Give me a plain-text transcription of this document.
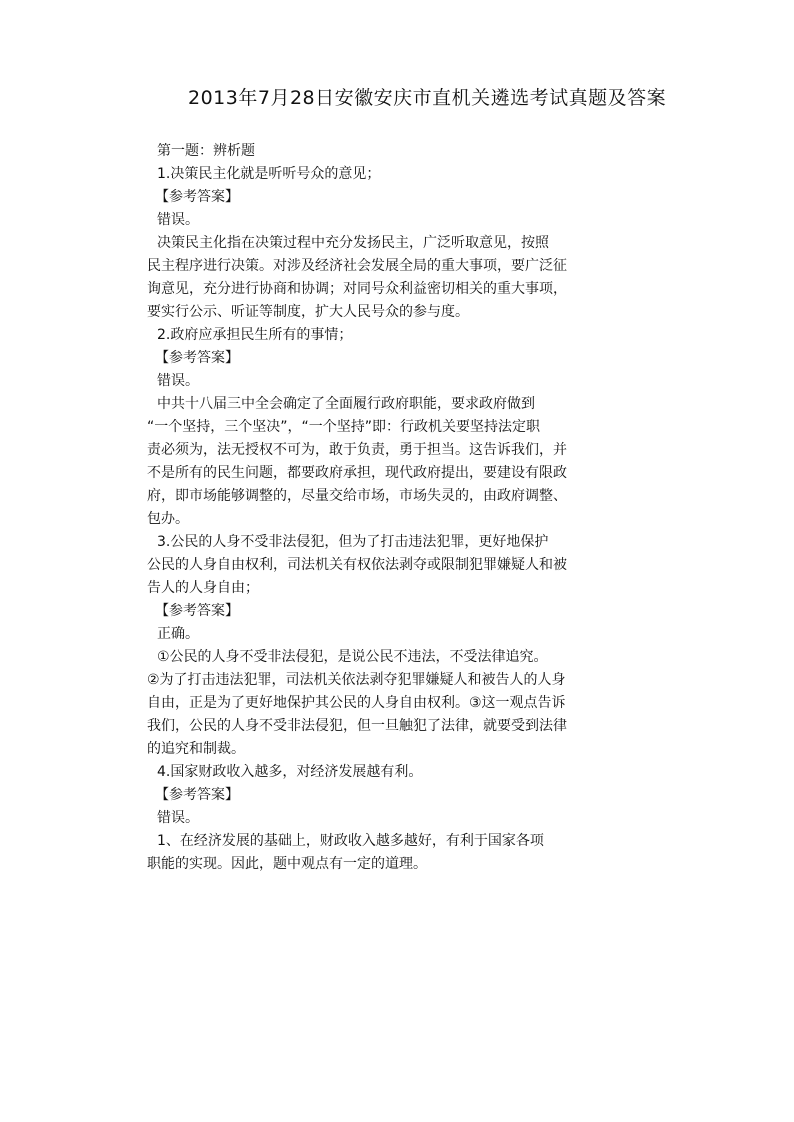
2013年7月28日安徽安庆市直机关遴选考试真题及答案
第一题：辨析题
1.决策民主化就是听听号众的意见；
【参考答案】
错误。
决策民主化指在决策过程中充分发扬民主，广泛听取意见，按照
民主程序进行决策。对涉及经济社会发展全局的重大事项，要广泛征
询意见，充分进行协商和协调；对同号众利益密切相关的重大事项，
要实行公示、听证等制度，扩大人民号众的参与度。
2.政府应承担民生所有的事情；
【参考答案】
错误。
中共十八届三中全会确定了全面履行政府职能，要求政府做到
“一个坚持，三个坚决”，“一个坚持”即：行政机关要坚持法定职
责必须为，法无授权不可为，敢于负责，勇于担当。这告诉我们，并
不是所有的民生问题，都要政府承担，现代政府提出，要建设有限政
府，即市场能够调整的，尽量交给市场，市场失灵的，由政府调整、
包办。
3.公民的人身不受非法侵犯，但为了打击违法犯罪，更好地保护
公民的人身自由权利，司法机关有权依法剥夺或限制犯罪嫌疑人和被
告人的人身自由；
【参考答案】
正确。
①公民的人身不受非法侵犯，是说公民不违法，不受法律追究。
②为了打击违法犯罪，司法机关依法剥夺犯罪嫌疑人和被告人的人身
自由，正是为了更好地保护其公民的人身自由权利。③这一观点告诉
我们，公民的人身不受非法侵犯，但一旦触犯了法律，就要受到法律
的追究和制裁。
4.国家财政收入越多，对经济发展越有利。
【参考答案】
错误。
1、在经济发展的基础上，财政收入越多越好，有利于国家各项
职能的实现。因此，题中观点有一定的道理。
